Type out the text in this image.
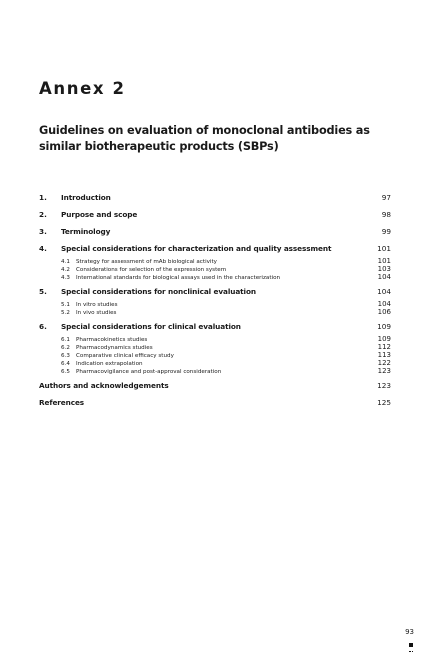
Annex 2
Guidelines on evaluation of monoclonal antibodies as similar biotherapeutic products (SBPs)
1.	Introduction	97
2.	Purpose and scope	98
3.	Terminology	99
4.	Special considerations for characterization and quality assessment	101
4.1	Strategy for assessment of mAb biological activity	101
4.2	Considerations for selection of the expression system	103
4.3	International standards for biological assays used in the characterization	104
5.	Special considerations for nonclinical evaluation	104
5.1	In vitro studies	104
5.2	In vivo studies	106
6.	Special considerations for clinical evaluation	109
6.1	Pharmacokinetics studies	109
6.2	Pharmacodynamics studies	112
6.3	Comparative clinical efficacy study	113
6.4	Indication extrapolation	122
6.5	Pharmacovigilance and post-approval consideration	123
Authors and acknowledgements	123
References	125
93
